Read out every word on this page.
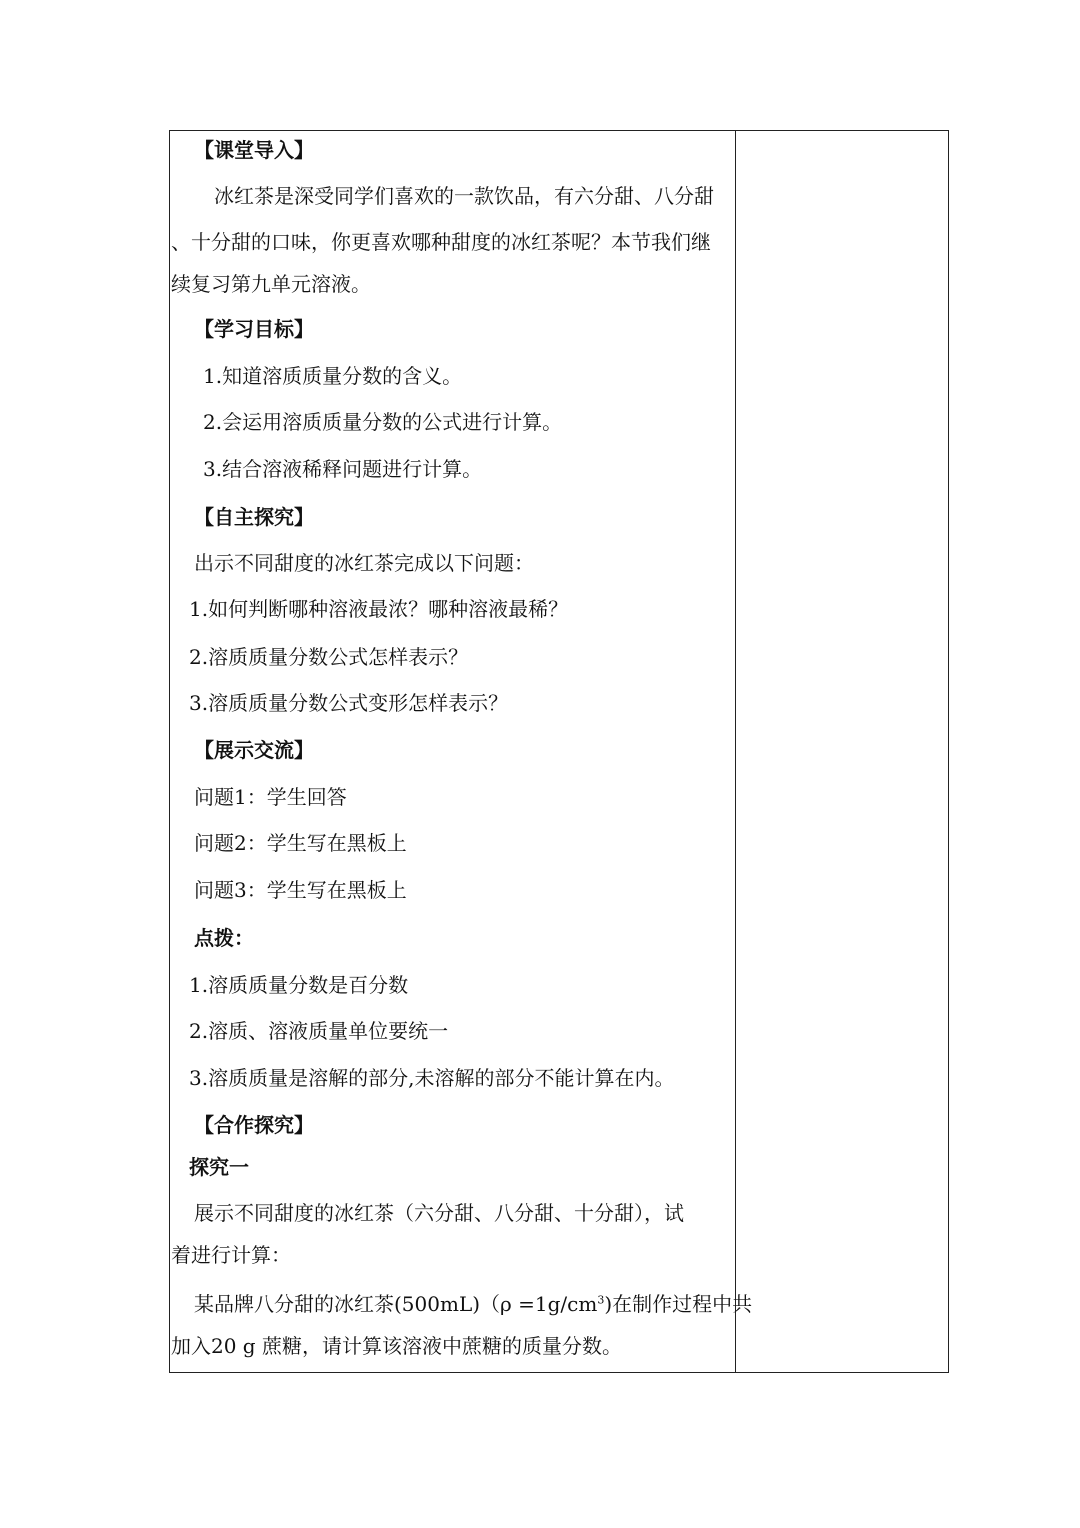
【课堂导入】
冰红茶是深受同学们喜欢的一款饮品，有六分甜、八分甜
、十分甜的口味，你更喜欢哪种甜度的冰红茶呢？本节我们继
续复习第九单元溶液。
【学习目标】
1.知道溶质质量分数的含义。
2.会运用溶质质量分数的公式进行计算。
3.结合溶液稀释问题进行计算。
【自主探究】
出示不同甜度的冰红茶完成以下问题：
1.如何判断哪种溶液最浓？哪种溶液最稀？
2.溶质质量分数公式怎样表示？
3.溶质质量分数公式变形怎样表示？
【展示交流】
问题1：学生回答
问题2：学生写在黑板上
问题3：学生写在黑板上
点拨：
1.溶质质量分数是百分数
2.溶质、溶液质量单位要统一
3.溶质质量是溶解的部分,未溶解的部分不能计算在内。
【合作探究】
探究一
展示不同甜度的冰红茶（六分甜、八分甜、十分甜），试
着进行计算：
某品牌八分甜的冰红茶$(500mL)(\rho =1g/cm^3)$在制作过程中共
加入20 g 蔗糖，请计算该溶液中蔗糖的质量分数。
